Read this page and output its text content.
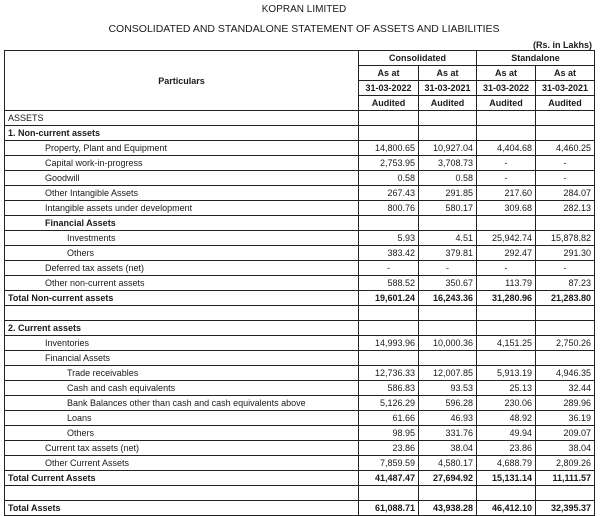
KOPRAN LIMITED
CONSOLIDATED AND STANDALONE STATEMENT OF ASSETS AND LIABILITIES
(Rs. in Lakhs)
Particulars	Consolidated		Standalone	
	As at	As at	As at	As at
	31-03-2022	31-03-2021	31-03-2022	31-03-2021
	Audited	Audited	Audited	Audited
ASSETS				
1. Non-current assets				
Property, Plant and Equipment	14,800.65	10,927.04	4,404.68	4,460.25
Capital work-in-progress	2,753.95	3,708.73	-	-
Goodwill	0.58	0.58	-	-
Other Intangible Assets	267.43	291.85	217.60	284.07
Intangible assets under development	800.76	580.17	309.68	282.13
Financial Assets				
Investments	5.93	4.51	25,942.74	15,878.82
Others	383.42	379.81	292.47	291.30
Deferred tax assets (net)	-	-	-	-
Other non-current assets	588.52	350.67	113.79	87.23
Total Non-current assets	19,601.24	16,243.36	31,280.96	21,283.80

2. Current assets				
Inventories	14,993.96	10,000.36	4,151.25	2,750.26
Financial Assets				
Trade receivables	12,736.33	12,007.85	5,913.19	4,946.35
Cash and cash equivalents	586.83	93.53	25.13	32.44
Bank Balances other than cash and cash equivalents above	5,126.29	596.28	230.06	289.96
Loans	61.66	46.93	48.92	36.19
Others	98.95	331.76	49.94	209.07
Current tax assets (net)	23.86	38.04	23.86	38.04
Other Current Assets	7,859.59	4,580.17	4,688.79	2,809.26
Total Current Assets	41,487.47	27,694.92	15,131.14	11,111.57

Total Assets	61,088.71	43,938.28	46,412.10	32,395.37
